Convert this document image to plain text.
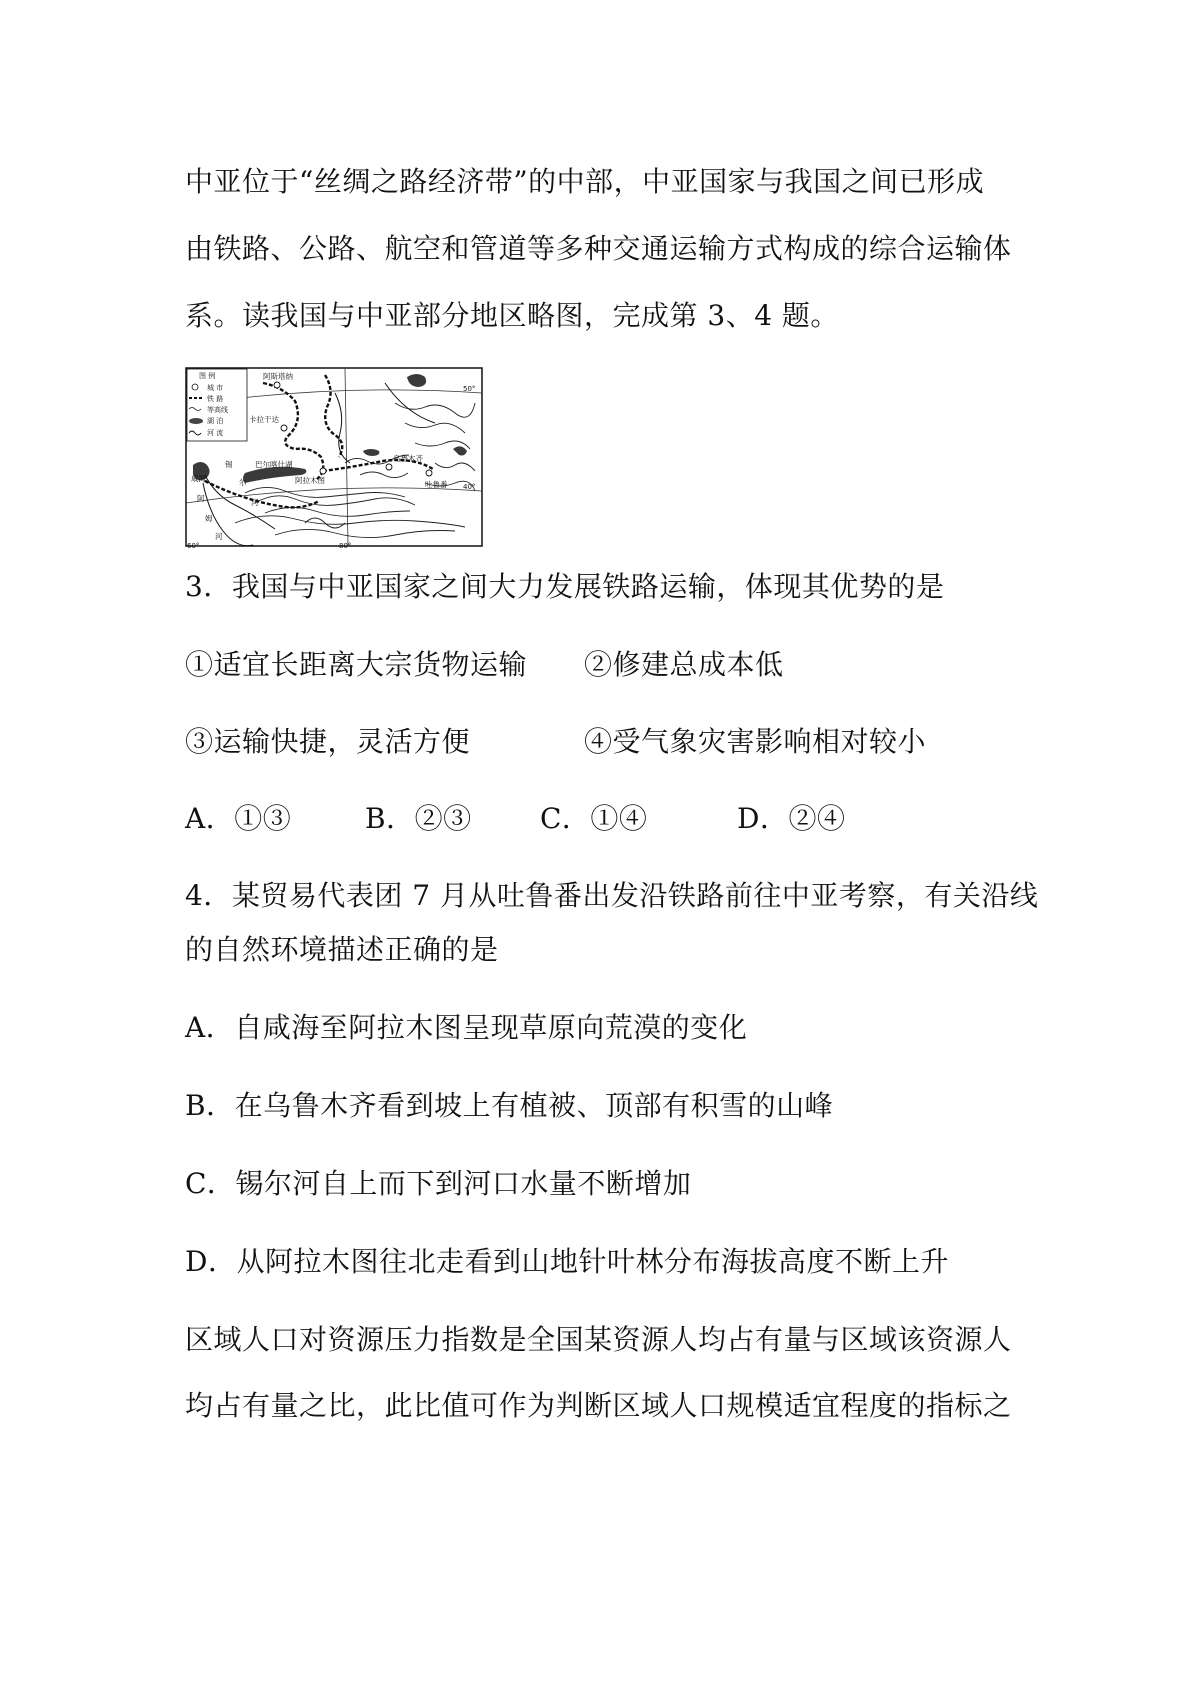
中亚位于“丝绸之路经济带”的中部，中亚国家与我国之间已形成
由铁路、公路、航空和管道等多种交通运输方式构成的综合运输体
系。读我国与中亚部分地区略图，完成第 3、4 题。
图 例
城 市
铁 路
等高线
湖 泊
河 流
阿斯塔纳
卡拉干达
巴尔喀什湖
阿拉木图
乌鲁木齐
吐鲁番
咸海
锡
尔
河
阿
姆
河
50°
40°
60°	80°
3．我国与中亚国家之间大力发展铁路运输，体现其优势的是
①适宜长距离大宗货物运输 ②修建总成本低
③运输快捷，灵活方便	④受气象灾害影响相对较小
A．①③	B．②③ C．①④	D．②④
4．某贸易代表团 7 月从吐鲁番出发沿铁路前往中亚考察，有关沿线
的自然环境描述正确的是
A．自咸海至阿拉木图呈现草原向荒漠的变化
B．在乌鲁木齐看到坡上有植被、顶部有积雪的山峰
C．锡尔河自上而下到河口水量不断增加
D．从阿拉木图往北走看到山地针叶林分布海拔高度不断上升
区域人口对资源压力指数是全国某资源人均占有量与区域该资源人
均占有量之比，此比值可作为判断区域人口规模适宜程度的指标之
